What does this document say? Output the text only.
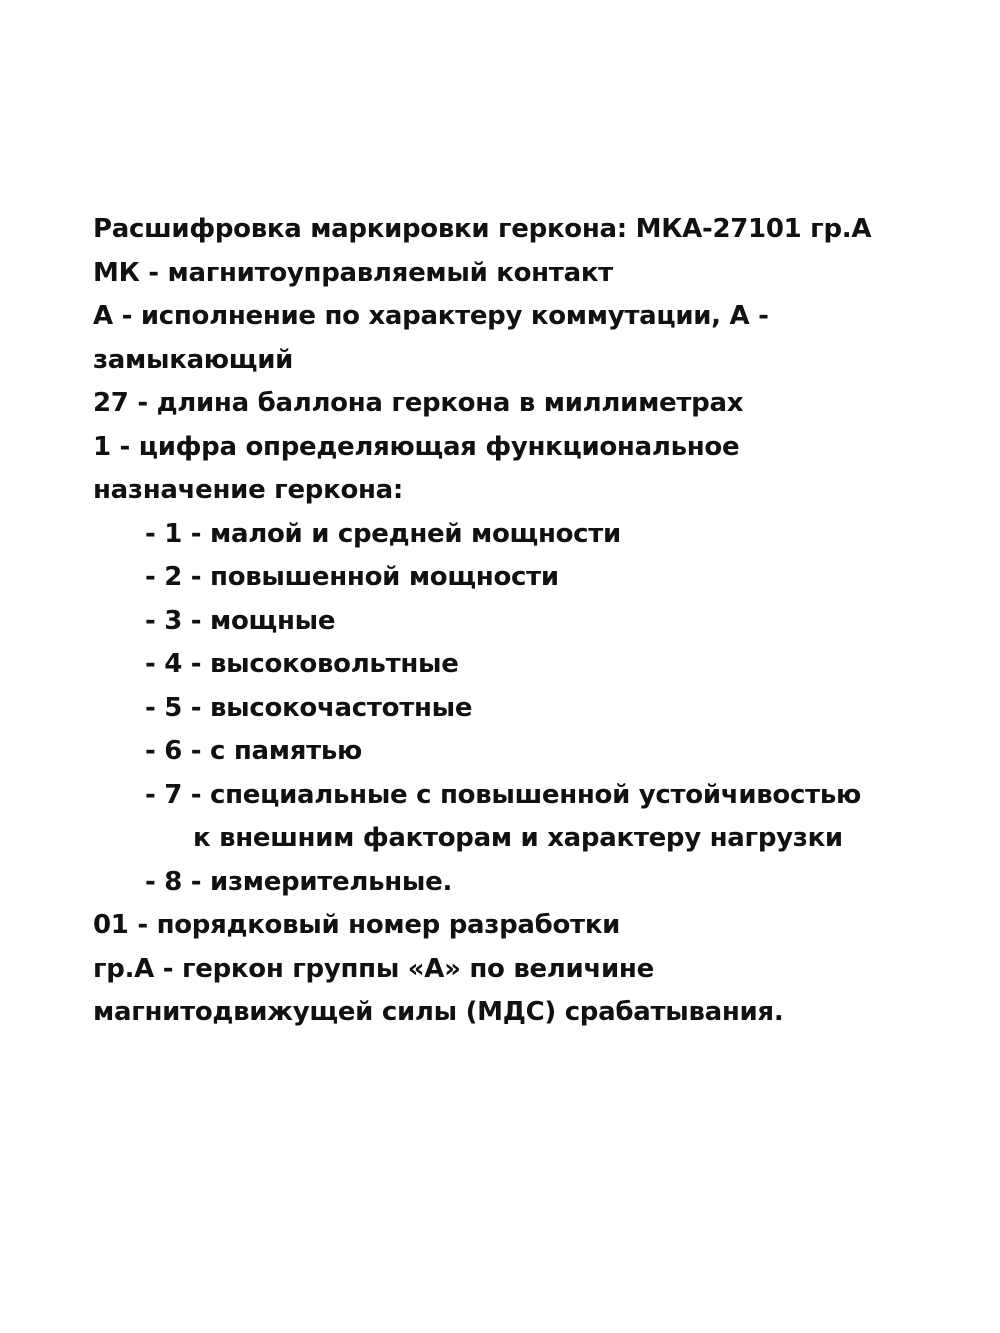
Расшифровка маркировки геркона: МКА-27101 гр.А
МК - магнитоуправляемый контакт
А - исполнение по характеру коммутации, А -
замыкающий
27 - длина баллона геркона в миллиметрах
1 - цифра определяющая функциональное
назначение геркона:
- 1 - малой и средней мощности
- 2 - повышенной мощности
- 3 - мощные
- 4 - высоковольтные
- 5 - высокочастотные
- 6 - с памятью
- 7 - специальные с повышенной устойчивостью
к внешним факторам и характеру нагрузки
- 8 - измерительные.
01 - порядковый номер разработки
гр.А - геркон группы «А» по величине
магнитодвижущей силы (МДС) срабатывания.
